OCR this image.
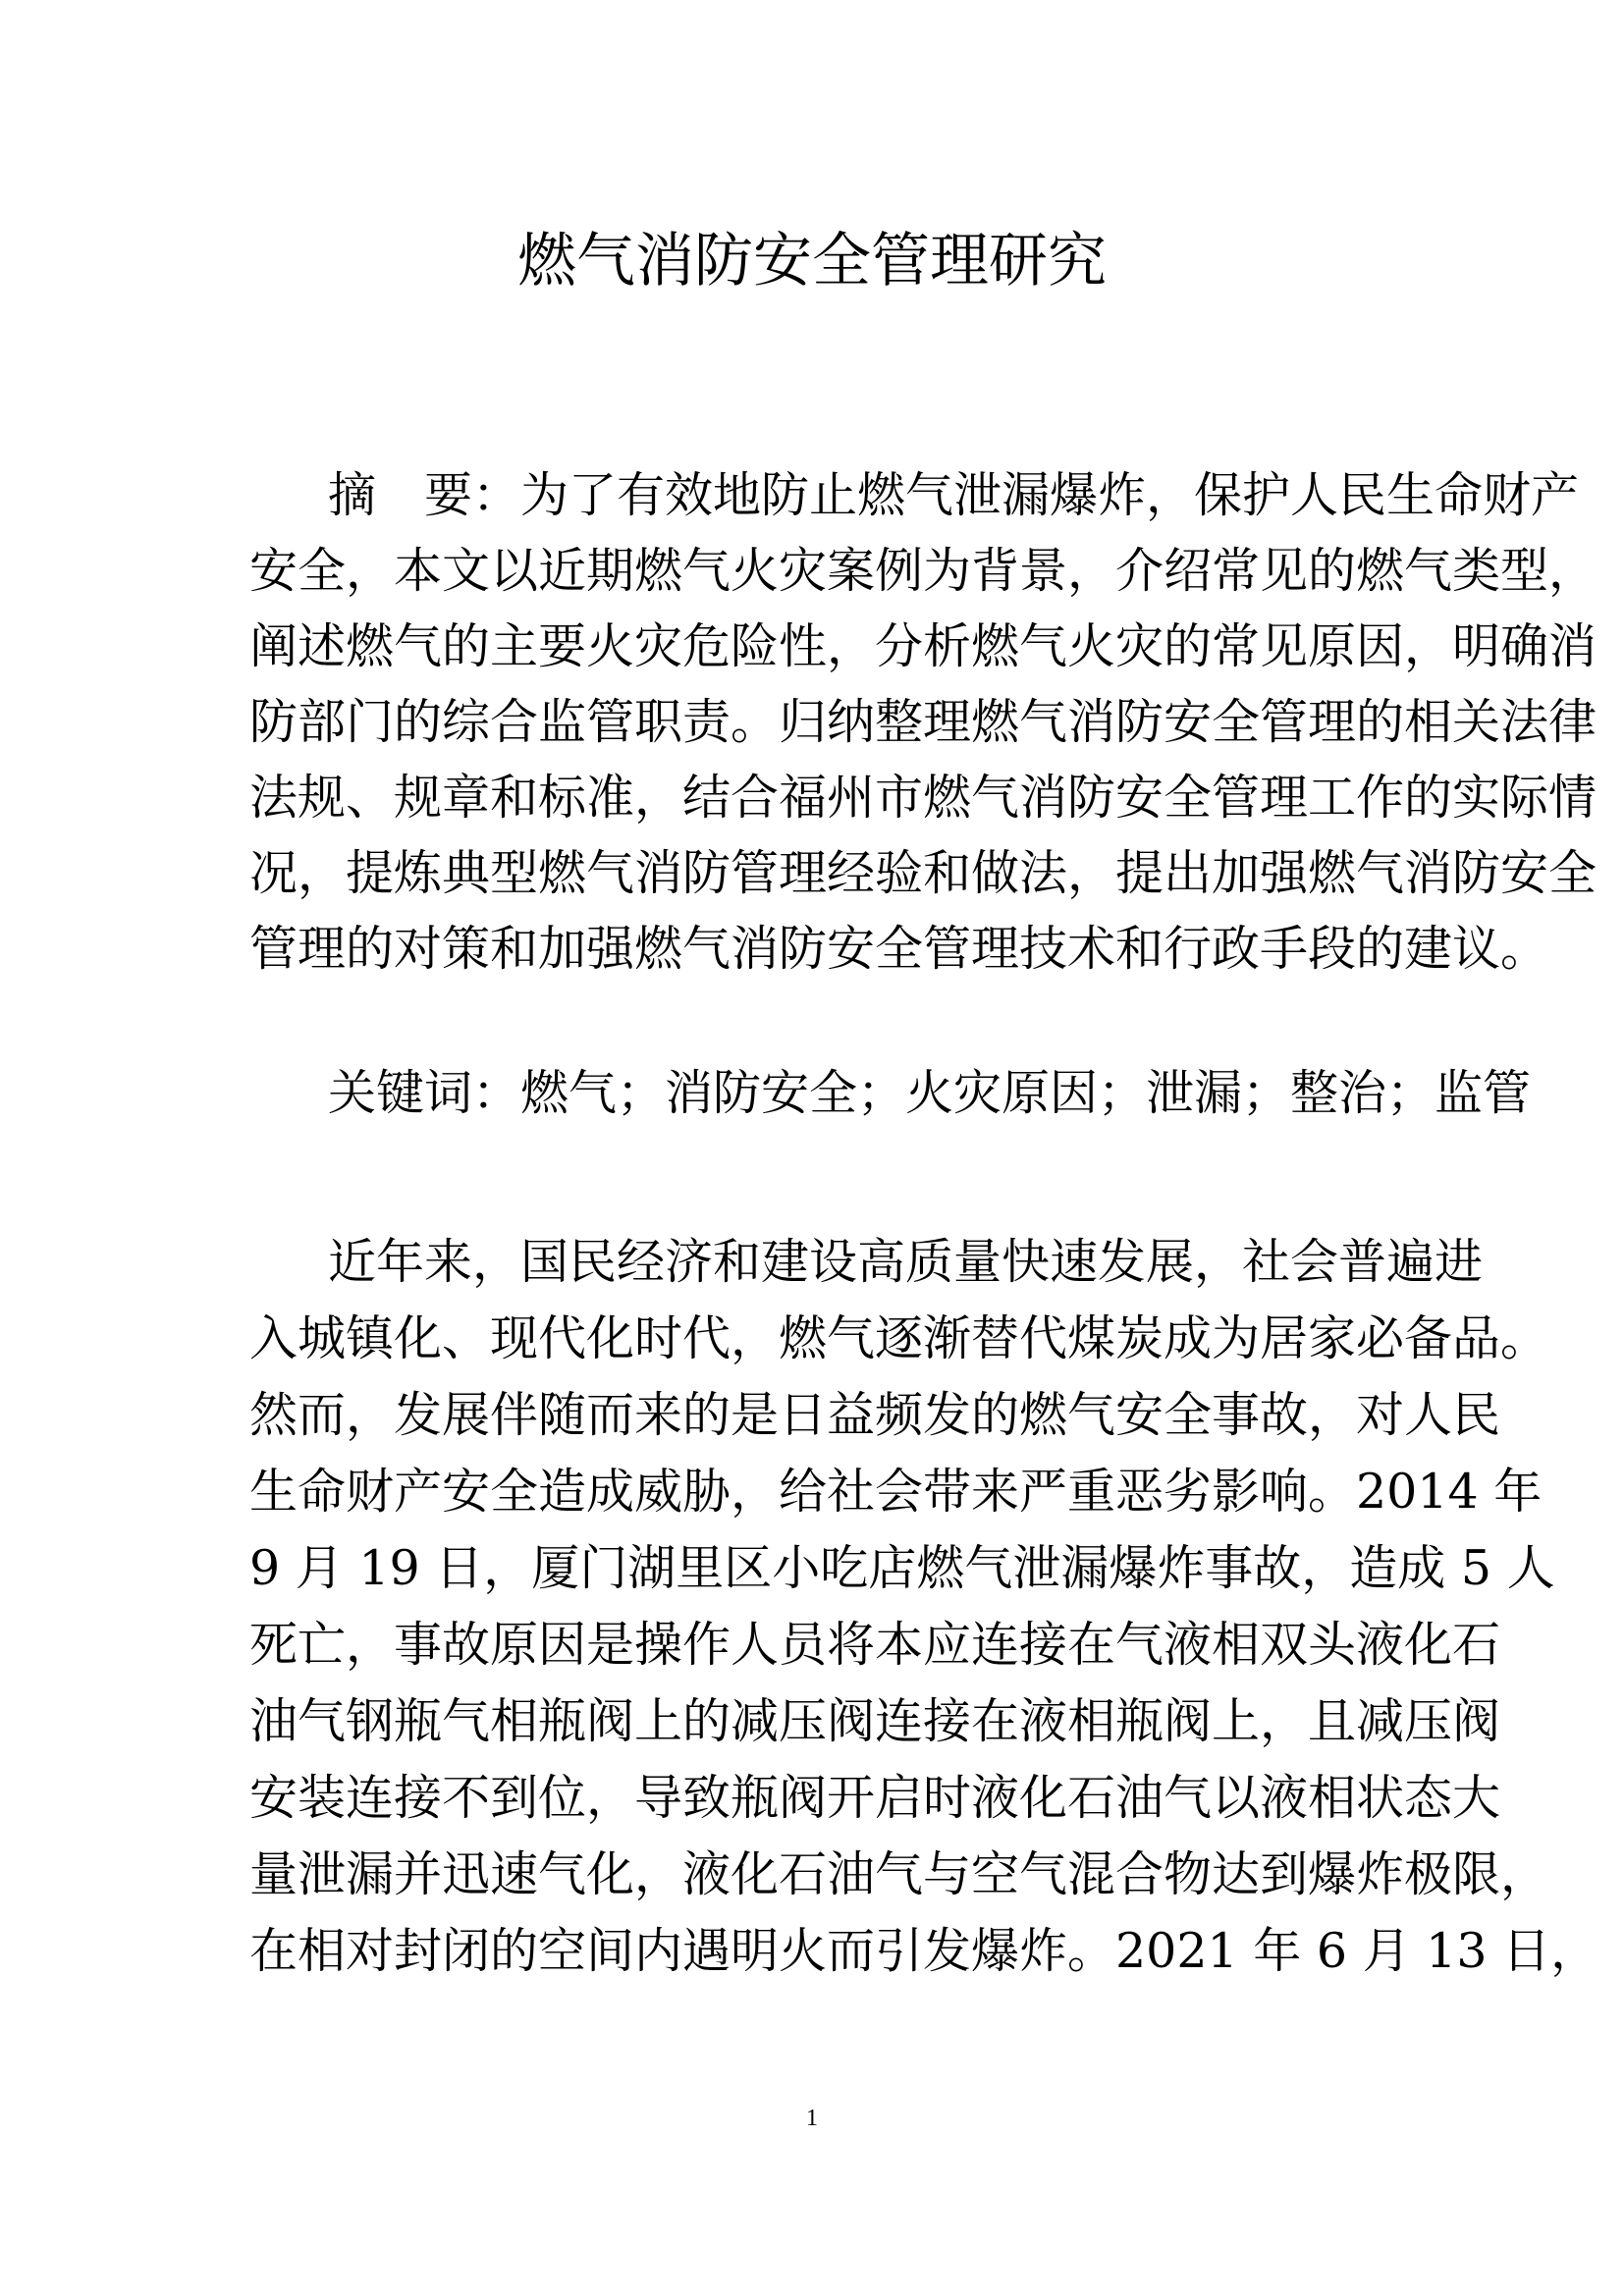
燃气消防安全管理研究
摘　要：为了有效地防止燃气泄漏爆炸，保护人民生命财产
安全，本文以近期燃气火灾案例为背景，介绍常见的燃气类型，
阐述燃气的主要火灾危险性，分析燃气火灾的常见原因，明确消
防部门的综合监管职责。归纳整理燃气消防安全管理的相关法律
法规、规章和标准，结合福州市燃气消防安全管理工作的实际情
况，提炼典型燃气消防管理经验和做法，提出加强燃气消防安全
管理的对策和加强燃气消防安全管理技术和行政手段的建议。
关键词：燃气；消防安全；火灾原因；泄漏；整治；监管
近年来，国民经济和建设高质量快速发展，社会普遍进
入城镇化、现代化时代，燃气逐渐替代煤炭成为居家必备品。
然而，发展伴随而来的是日益频发的燃气安全事故，对人民
生命财产安全造成威胁，给社会带来严重恶劣影响。2014 年
9 月 19 日，厦门湖里区小吃店燃气泄漏爆炸事故，造成 5 人
死亡，事故原因是操作人员将本应连接在气液相双头液化石
油气钢瓶气相瓶阀上的减压阀连接在液相瓶阀上，且减压阀
安装连接不到位，导致瓶阀开启时液化石油气以液相状态大
量泄漏并迅速气化，液化石油气与空气混合物达到爆炸极限，
在相对封闭的空间内遇明火而引发爆炸。2021 年 6 月 13 日，
1
